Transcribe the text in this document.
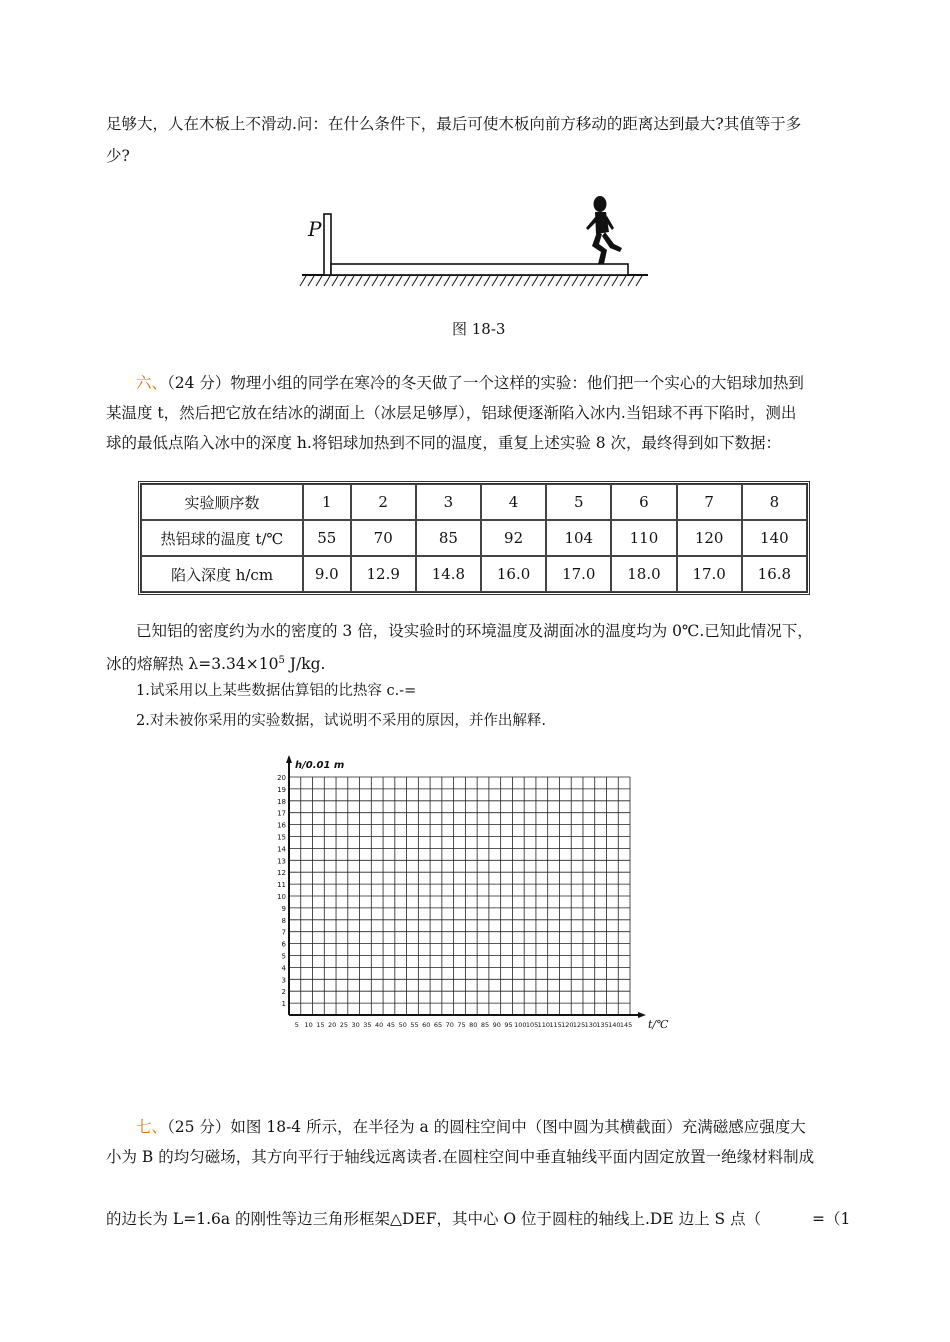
足够大，人在木板上不滑动.问：在什么条件下，最后可使木板向前方移动的距离达到最大?其值等于多
少?
P
图 18-3
六、（24 分）物理小组的同学在寒冷的冬天做了一个这样的实验：他们把一个实心的大铝球加热到
某温度 t，然后把它放在结冰的湖面上（冰层足够厚），铝球便逐渐陷入冰内.当铝球不再下陷时，测出
球的最低点陷入冰中的深度 h.将铝球加热到不同的温度，重复上述实验 8 次，最终得到如下数据：
实验顺序数	1	2	3	4	5	6	7	8
热铝球的温度 t/℃	55	70	85	92	104	110	120	140
陷入深度 h/cm	9.0	12.9	14.8	16.0	17.0	18.0	17.0	16.8
已知铝的密度约为水的密度的 3 倍，设实验时的环境温度及湖面冰的温度均为 0℃.已知此情况下，
冰的熔解热 $\lambda=3.34\times 10^5$ J/kg.
1.试采用以上某些数据估算铝的比热容 c.-=
2.对未被你采用的实验数据，试说明不采用的原因，并作出解释.
h/0.01 m
t/℃
1
2
3
4
5
6
7
8
9
10
11
12
13
14
15
16
17
18
19
20
5 10 15 20 25 30 35 40 45 50 55 60 65 70 75 80 85 90 95 100 105 110 115 120 125 130 135 140 145
七、（25 分）如图 18-4 所示，在半径为 a 的圆柱空间中（图中圆为其横截面）充满磁感应强度大
小为 B 的均匀磁场，其方向平行于轴线远离读者.在圆柱空间中垂直轴线平面内固定放置一绝缘材料制成
的边长为 L=1.6a 的刚性等边三角形框架△DEF，其中心 O 位于圆柱的轴线上.DE 边上 S 点（	=（1
